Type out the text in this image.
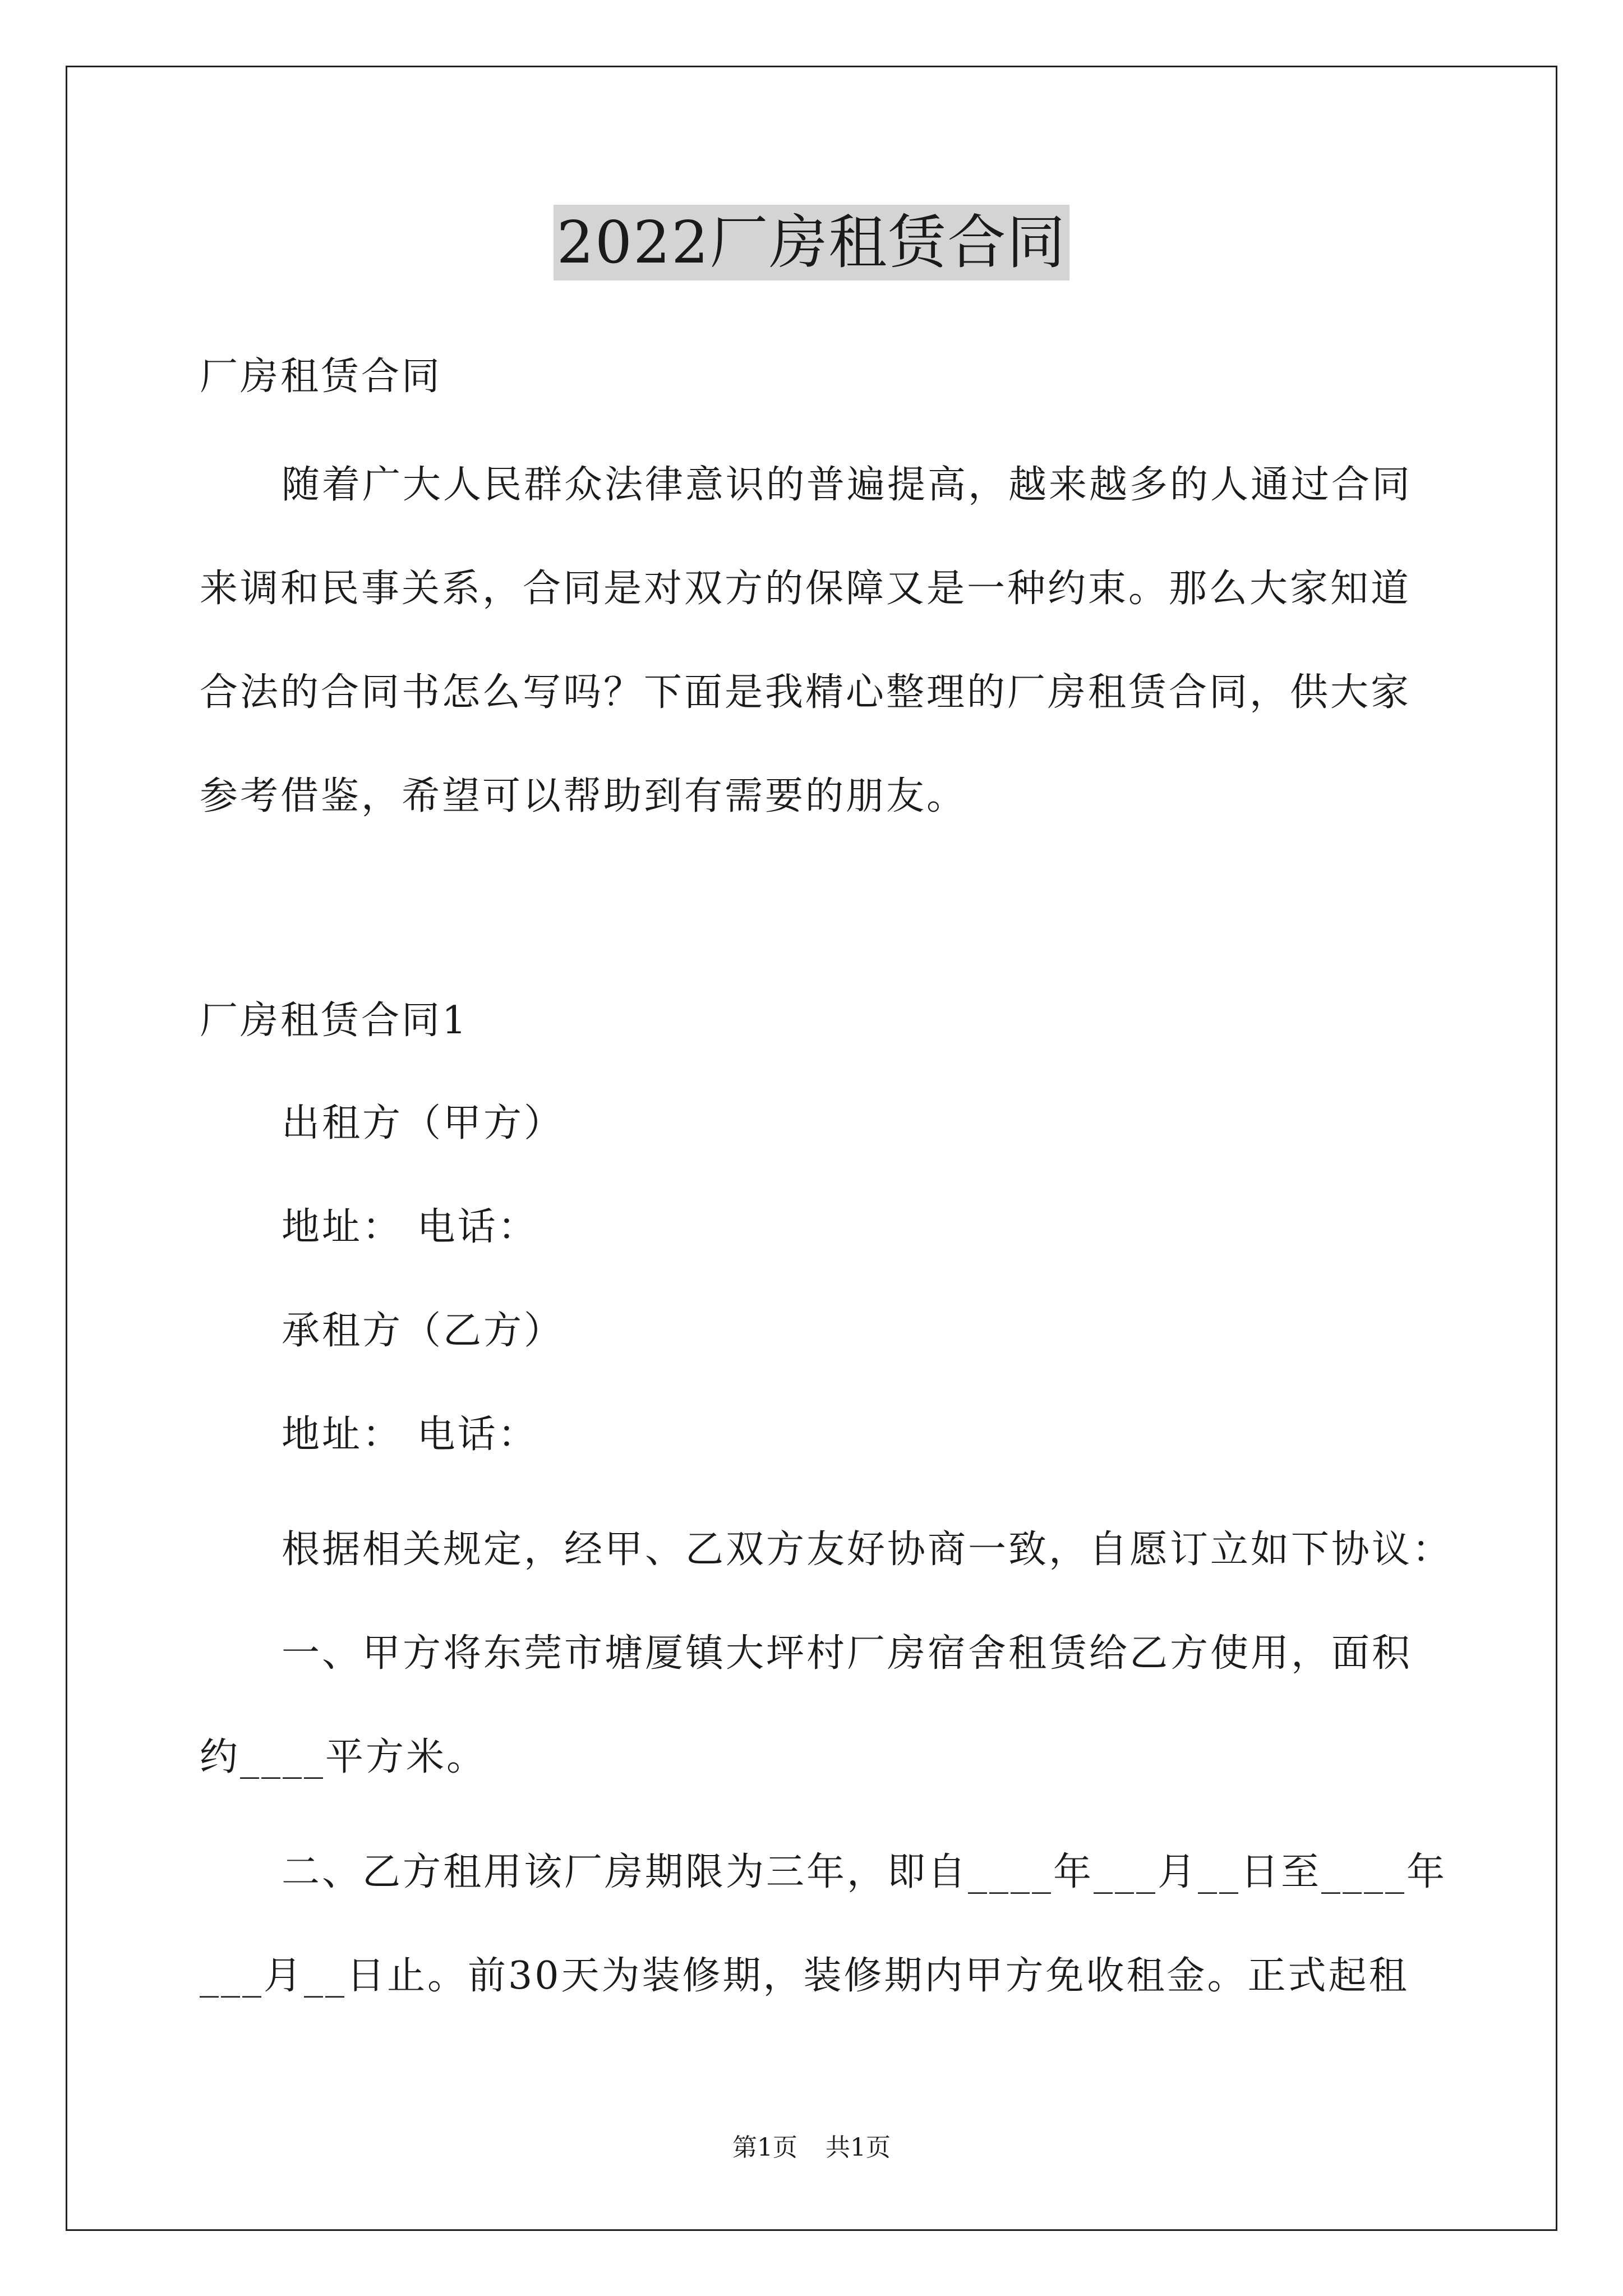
2022厂房租赁合同
厂房租赁合同
随着广大人民群众法律意识的普遍提高，越来越多的人通过合同
来调和民事关系，合同是对双方的保障又是一种约束。那么大家知道
合法的合同书怎么写吗？下面是我精心整理的厂房租赁合同，供大家
参考借鉴，希望可以帮助到有需要的朋友。
厂房租赁合同1
出租方（甲方）
地址： 电话：
承租方（乙方）
地址： 电话：
根据相关规定，经甲、乙双方友好协商一致，自愿订立如下协议：
一、甲方将东莞市塘厦镇大坪村厂房宿舍租赁给乙方使用，面积
约____平方米。
二、乙方租用该厂房期限为三年，即自____年___月__日至____年
___月__日止。前30天为装修期，装修期内甲方免收租金。正式起租
第1页 共1页
